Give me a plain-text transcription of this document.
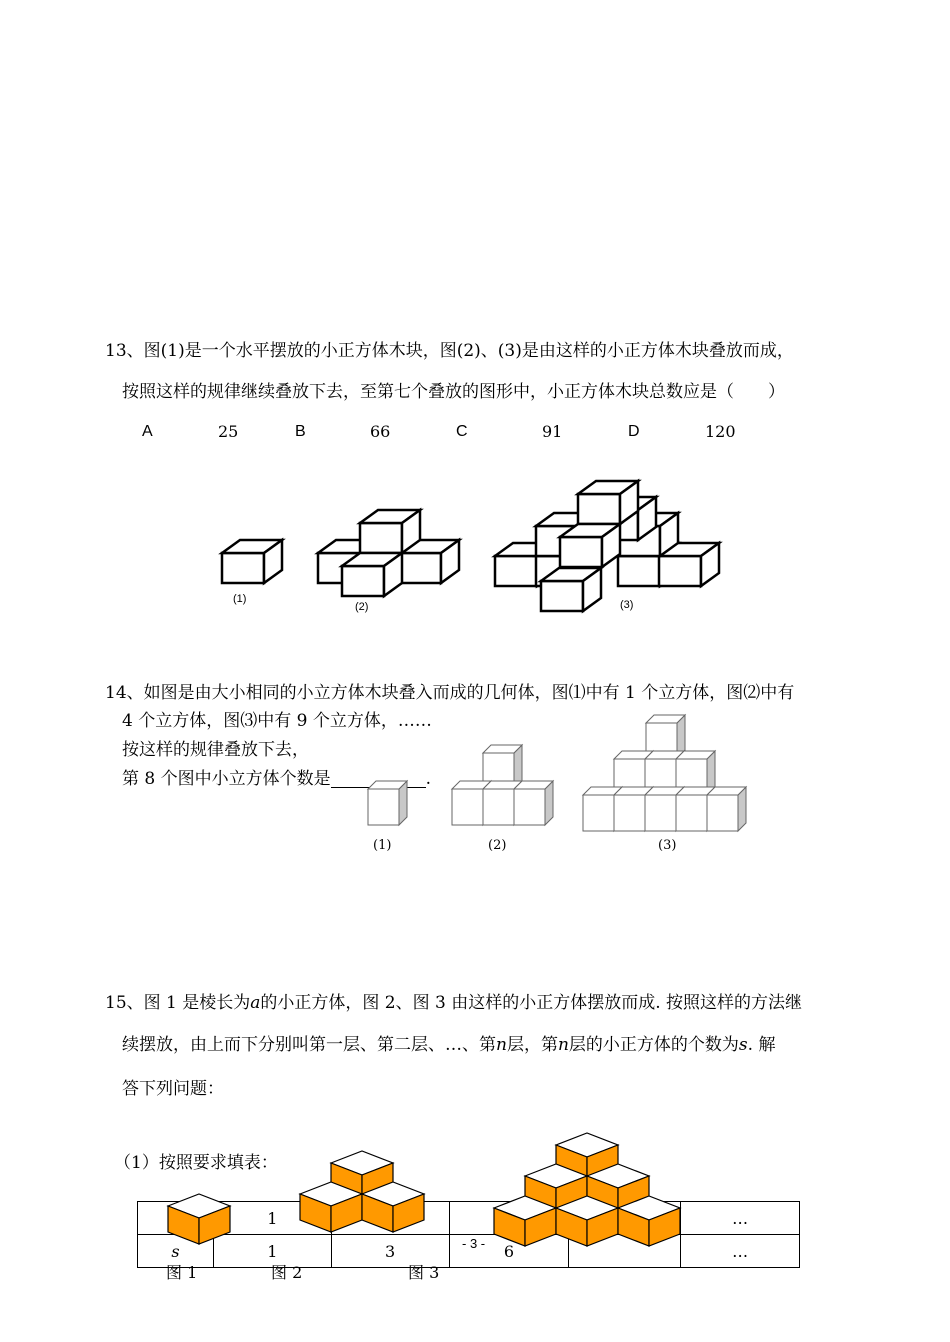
13、图(1)是一个水平摆放的小正方体木块，图(2)、(3)是由这样的小正方体木块叠放而成，
按照这样的规律继续叠放下去，至第七个叠放的图形中，小正方体木块总数应是（　　）
A	25	B	66	C	91	D	120
(1)
(2)	(3)
14、如图是由大小相同的小立方体木块叠入而成的几何体，图⑴中有 1 个立方体，图⑵中有
4 个立方体，图⑶中有 9 个立方体，……
按这样的规律叠放下去，
第 8 个图中小立方体个数是	.
(1)	(2)	(3)
15、图 1 是棱长为a的小正方体，图 2、图 3 由这样的小正方体摆放而成. 按照这样的方法继
续摆放，由上而下分别叫第一层、第二层、…、第n层，第n层的小正方体的个数为s. 解
答下列问题：
（1）按照要求填表：
	1				…
s	1	3	6		…
- 3 -
图 1	图 2	图 3
